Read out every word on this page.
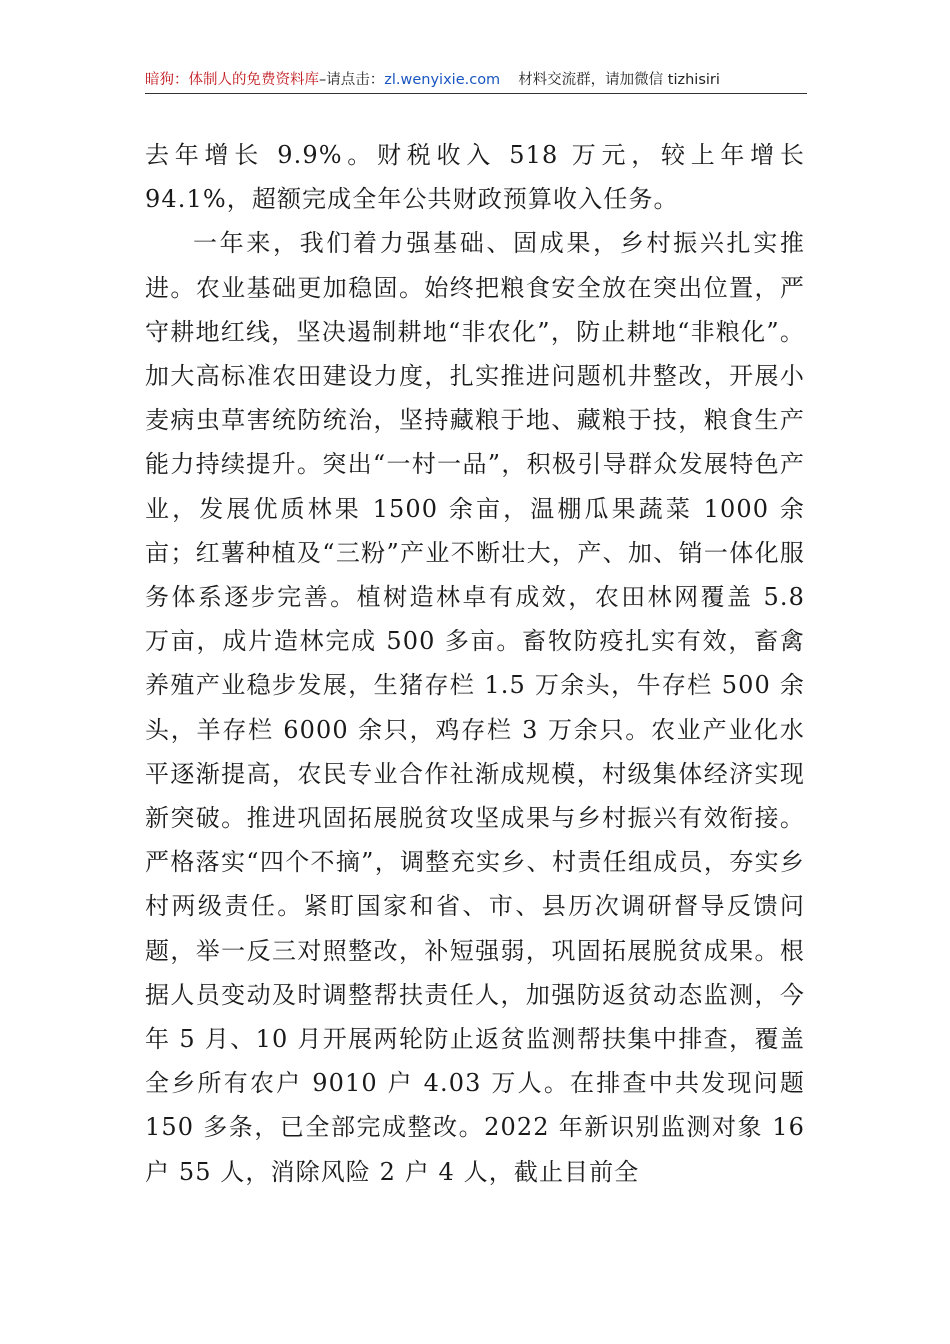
暗狗：体制人的免费资料库–请点击：zl.wenyixie.com 材料交流群，请加微信 tizhisiri

去年增长 9.9%。财税收入 518 万元，较上年增长 94.1%，超额完成全年公共财政预算收入任务。

一年来，我们着力强基础、固成果，乡村振兴扎实推进。农业基础更加稳固。始终把粮食安全放在突出位置，严守耕地红线，坚决遏制耕地“非农化”，防止耕地“非粮化”。加大高标准农田建设力度，扎实推进问题机井整改，开展小麦病虫草害统防统治，坚持藏粮于地、藏粮于技，粮食生产能力持续提升。突出“一村一品”，积极引导群众发展特色产业，发展优质林果 1500 余亩，温棚瓜果蔬菜 1000 余亩；红薯种植及“三粉”产业不断壮大，产、加、销一体化服务体系逐步完善。植树造林卓有成效，农田林网覆盖 5.8 万亩，成片造林完成 500 多亩。畜牧防疫扎实有效，畜禽养殖产业稳步发展，生猪存栏 1.5 万余头，牛存栏 500 余头，羊存栏 6000 余只，鸡存栏 3 万余只。农业产业化水平逐渐提高，农民专业合作社渐成规模，村级集体经济实现新突破。推进巩固拓展脱贫攻坚成果与乡村振兴有效衔接。严格落实“四个不摘”，调整充实乡、村责任组成员，夯实乡村两级责任。紧盯国家和省、市、县历次调研督导反馈问题，举一反三对照整改，补短强弱，巩固拓展脱贫成果。根据人员变动及时调整帮扶责任人，加强防返贫动态监测，今年 5 月、10 月开展两轮防止返贫监测帮扶集中排查，覆盖全乡所有农户 9010 户 4.03 万人。在排查中共发现问题 150 多条，已全部完成整改。2022 年新识别监测对象 16 户 55 人，消除风险 2 户 4 人，截止目前全
